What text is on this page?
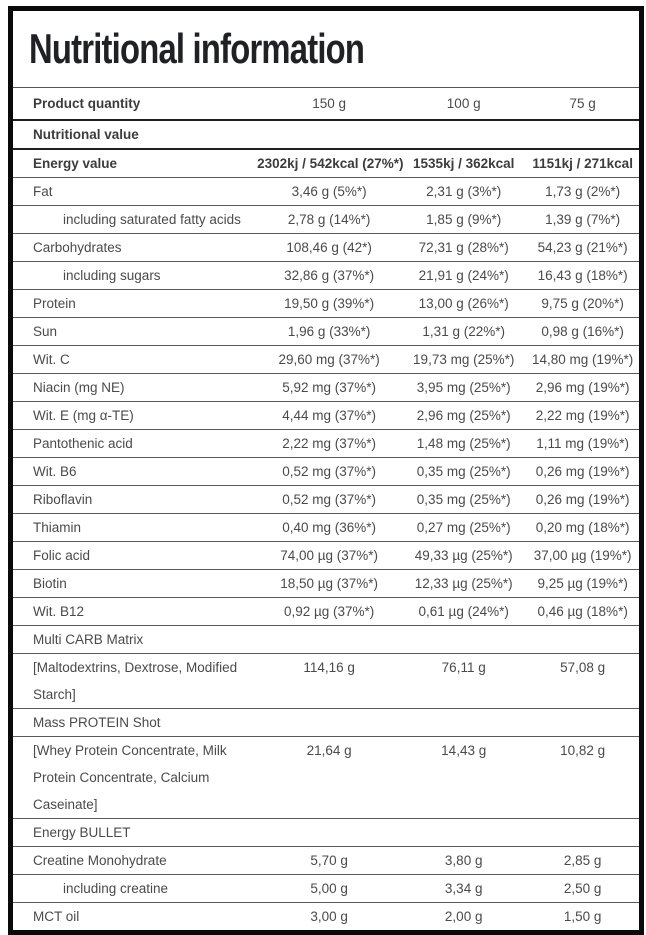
Nutritional information
Product quantity	150 g	100 g	75 g
Nutritional value			
Energy value	2302kj / 542kcal (27%*)	1535kj / 362kcal	1151kj / 271kcal
Fat	3,46 g (5%*)	2,31 g (3%*)	1,73 g (2%*)
including saturated fatty acids	2,78 g (14%*)	1,85 g (9%*)	1,39 g (7%*)
Carbohydrates	108,46 g (42*)	72,31 g (28%*)	54,23 g (21%*)
including sugars	32,86 g (37%*)	21,91 g (24%*)	16,43 g (18%*)
Protein	19,50 g (39%*)	13,00 g (26%*)	9,75 g (20%*)
Sun	1,96 g (33%*)	1,31 g (22%*)	0,98 g (16%*)
Wit. C	29,60 mg (37%*)	19,73 mg (25%*)	14,80 mg (19%*)
Niacin (mg NE)	5,92 mg (37%*)	3,95 mg (25%*)	2,96 mg (19%*)
Wit. E (mg α-TE)	4,44 mg (37%*)	2,96 mg (25%*)	2,22 mg (19%*)
Pantothenic acid	2,22 mg (37%*)	1,48 mg (25%*)	1,11 mg (19%*)
Wit. B6	0,52 mg (37%*)	0,35 mg (25%*)	0,26 mg (19%*)
Riboflavin	0,52 mg (37%*)	0,35 mg (25%*)	0,26 mg (19%*)
Thiamin	0,40 mg (36%*)	0,27 mg (25%*)	0,20 mg (18%*)
Folic acid	74,00 µg (37%*)	49,33 µg (25%*)	37,00 µg (19%*)
Biotin	18,50 µg (37%*)	12,33 µg (25%*)	9,25 µg (19%*)
Wit. B12	0,92 µg (37%*)	0,61 µg (24%*)	0,46 µg (18%*)
Multi CARB Matrix			
[Maltodextrins, Dextrose, Modified Starch]	114,16 g	76,11 g	57,08 g
Mass PROTEIN Shot			
[Whey Protein Concentrate, Milk Protein Concentrate, Calcium Caseinate]	21,64 g	14,43 g	10,82 g
Energy BULLET			
Creatine Monohydrate	5,70 g	3,80 g	2,85 g
including creatine	5,00 g	3,34 g	2,50 g
MCT oil	3,00 g	2,00 g	1,50 g
